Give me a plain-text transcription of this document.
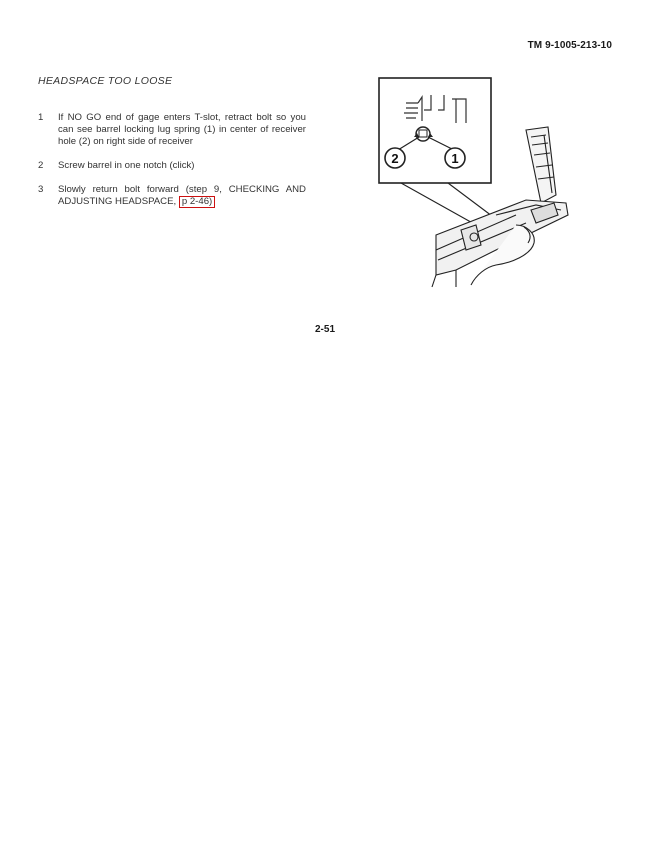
TM 9-1005-213-10
HEADSPACE TOO LOOSE
1	If NO GO end of gage enters T-slot, retract bolt so you can see barrel locking lug spring (1) in center of receiver hole (2) on right side of receiver
2	Screw barrel in one notch (click)
3	Slowly return bolt forward (step 9, CHECKING AND ADJUSTING HEADSPACE, p 2-46)
2	1
2-51
